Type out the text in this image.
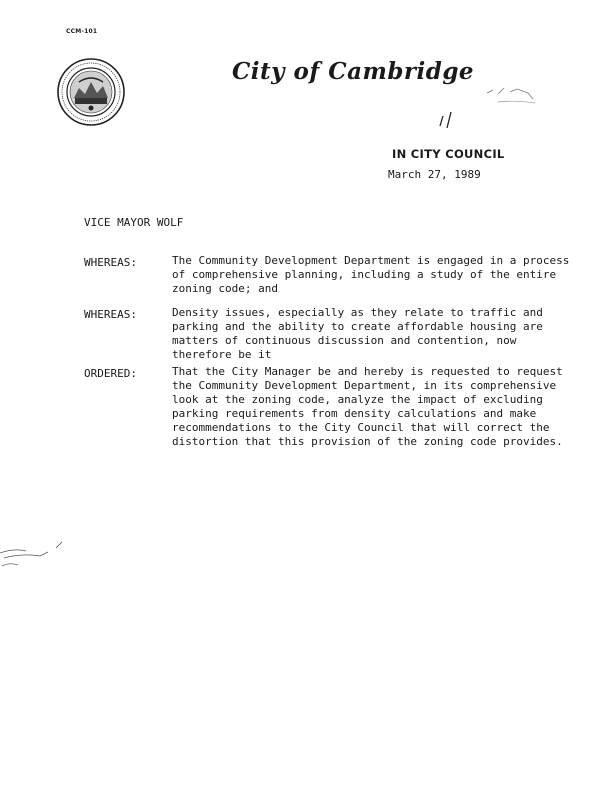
CCM-101
City of Cambridge
IN CITY COUNCIL
March 27, 1989
VICE MAYOR WOLF
WHEREAS:	The Community Development Department is engaged in a process
of comprehensive planning, including a study of the entire
zoning code; and
WHEREAS:	Density issues, especially as they relate to traffic and
parking and the ability to create affordable housing are
matters of continuous discussion and contention, now
therefore be it
ORDERED:	That the City Manager be and hereby is requested to request
the Community Development Department, in its comprehensive
look at the zoning code, analyze the impact of excluding
parking requirements from density calculations and make
recommendations to the City Council that will correct the
distortion that this provision of the zoning code provides.
